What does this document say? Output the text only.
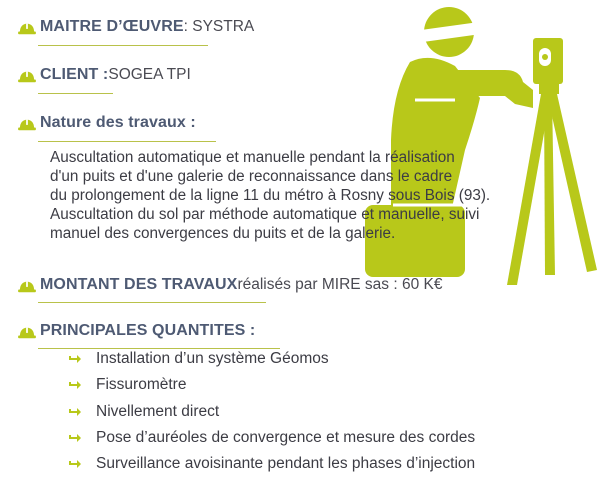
MAITRE D’ŒUVRE : SYSTRA
CLIENT : SOGEA TPI
Nature des travaux :
Auscultation automatique et manuelle pendant la réalisation
d'un puits et d'une galerie de reconnaissance dans le cadre
du prolongement de la ligne 11 du métro à Rosny sous Bois (93).
Auscultation du sol par méthode automatique et manuelle, suivi
manuel des convergences du puits et de la galerie.
MONTANT DES TRAVAUX réalisés par MIRE sas : 60 K€
PRINCIPALES QUANTITES :
Installation d’un système Géomos
Fissuromètre
Nivellement direct
Pose d’auréoles de convergence et mesure des cordes
Surveillance avoisinante pendant les phases d’injection
